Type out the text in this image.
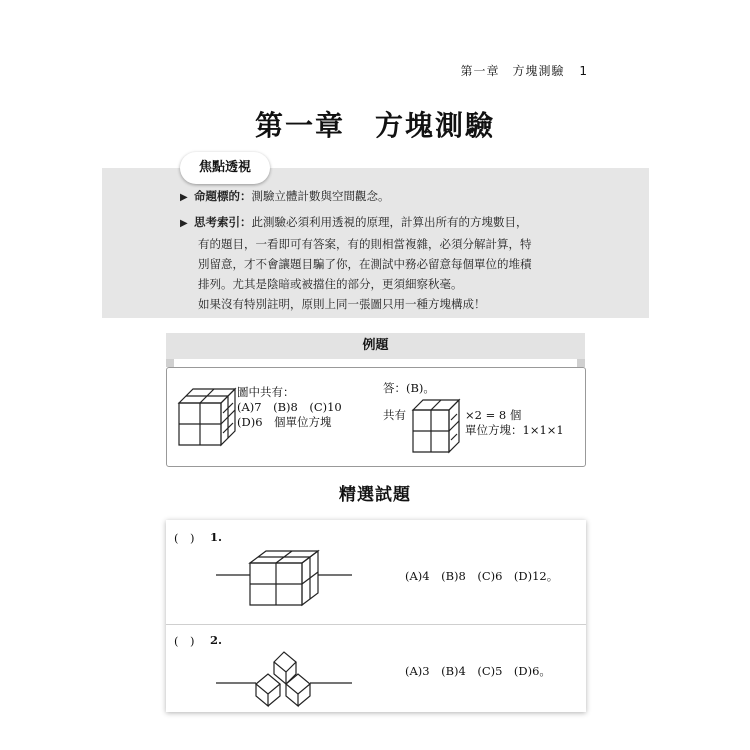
第一章　方塊測驗 1
第一章　方塊測驗
▶ 命題標的：測驗立體計數與空間觀念。
▶ 思考索引：此測驗必須利用透視的原理，計算出所有的方塊數目，
有的題目，一看即可有答案，有的則相當複雜，必須分解計算，特
別留意，才不會讓題目騙了你，在測試中務必留意每個單位的堆積
排列。尤其是陰暗或被擋住的部分，更須細察秋毫。
如果沒有特別註明，原則上同一張圖只用一種方塊構成！
焦點透視
例題
圖中共有：
(A)7　(B)8　(C)10
(D)6　個單位方塊
答：(B)。
共有	×2 = 8 個
單位方塊：1×1×1
精選試題
(　) 1.
(A)4　(B)8　(C)6　(D)12。
(　) 2.
(A)3　(B)4　(C)5　(D)6。
